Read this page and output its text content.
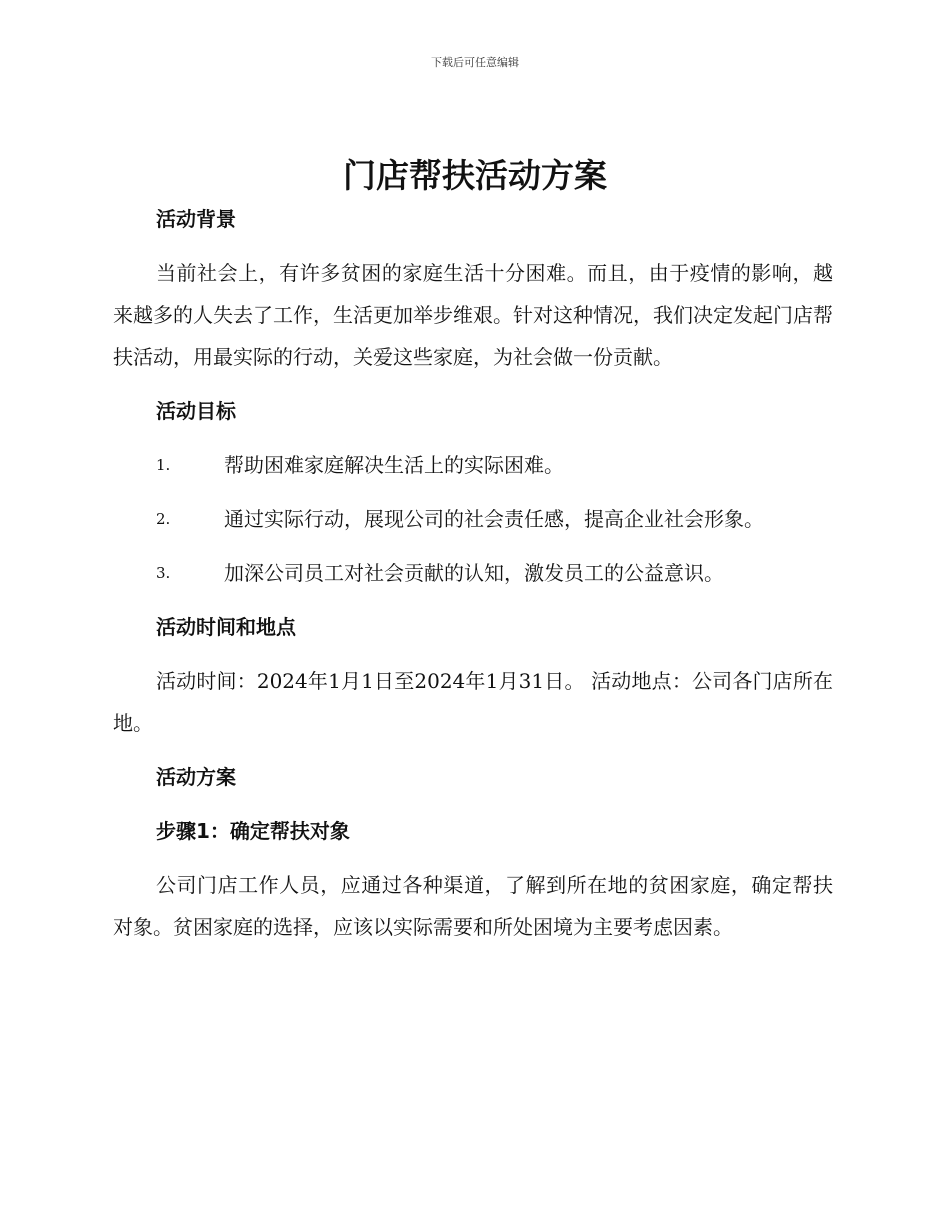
下载后可任意编辑
门店帮扶活动方案
活动背景

当前社会上，有许多贫困的家庭生活十分困难。而且，由于疫情的影响，越来越多的人失去了工作，生活更加举步维艰。针对这种情况，我们决定发起门店帮扶活动，用最实际的行动，关爱这些家庭，为社会做一份贡献。

活动目标
1.	帮助困难家庭解决生活上的实际困难。
2.	通过实际行动，展现公司的社会责任感，提高企业社会形象。
3.	加深公司员工对社会贡献的认知，激发员工的公益意识。
活动时间和地点

活动时间：2024年1月1日至2024年1月31日。 活动地点：公司各门店所在地。

活动方案
步骤1：确定帮扶对象

公司门店工作人员，应通过各种渠道，了解到所在地的贫困家庭，确定帮扶对象。贫困家庭的选择，应该以实际需要和所处困境为主要考虑因素。
